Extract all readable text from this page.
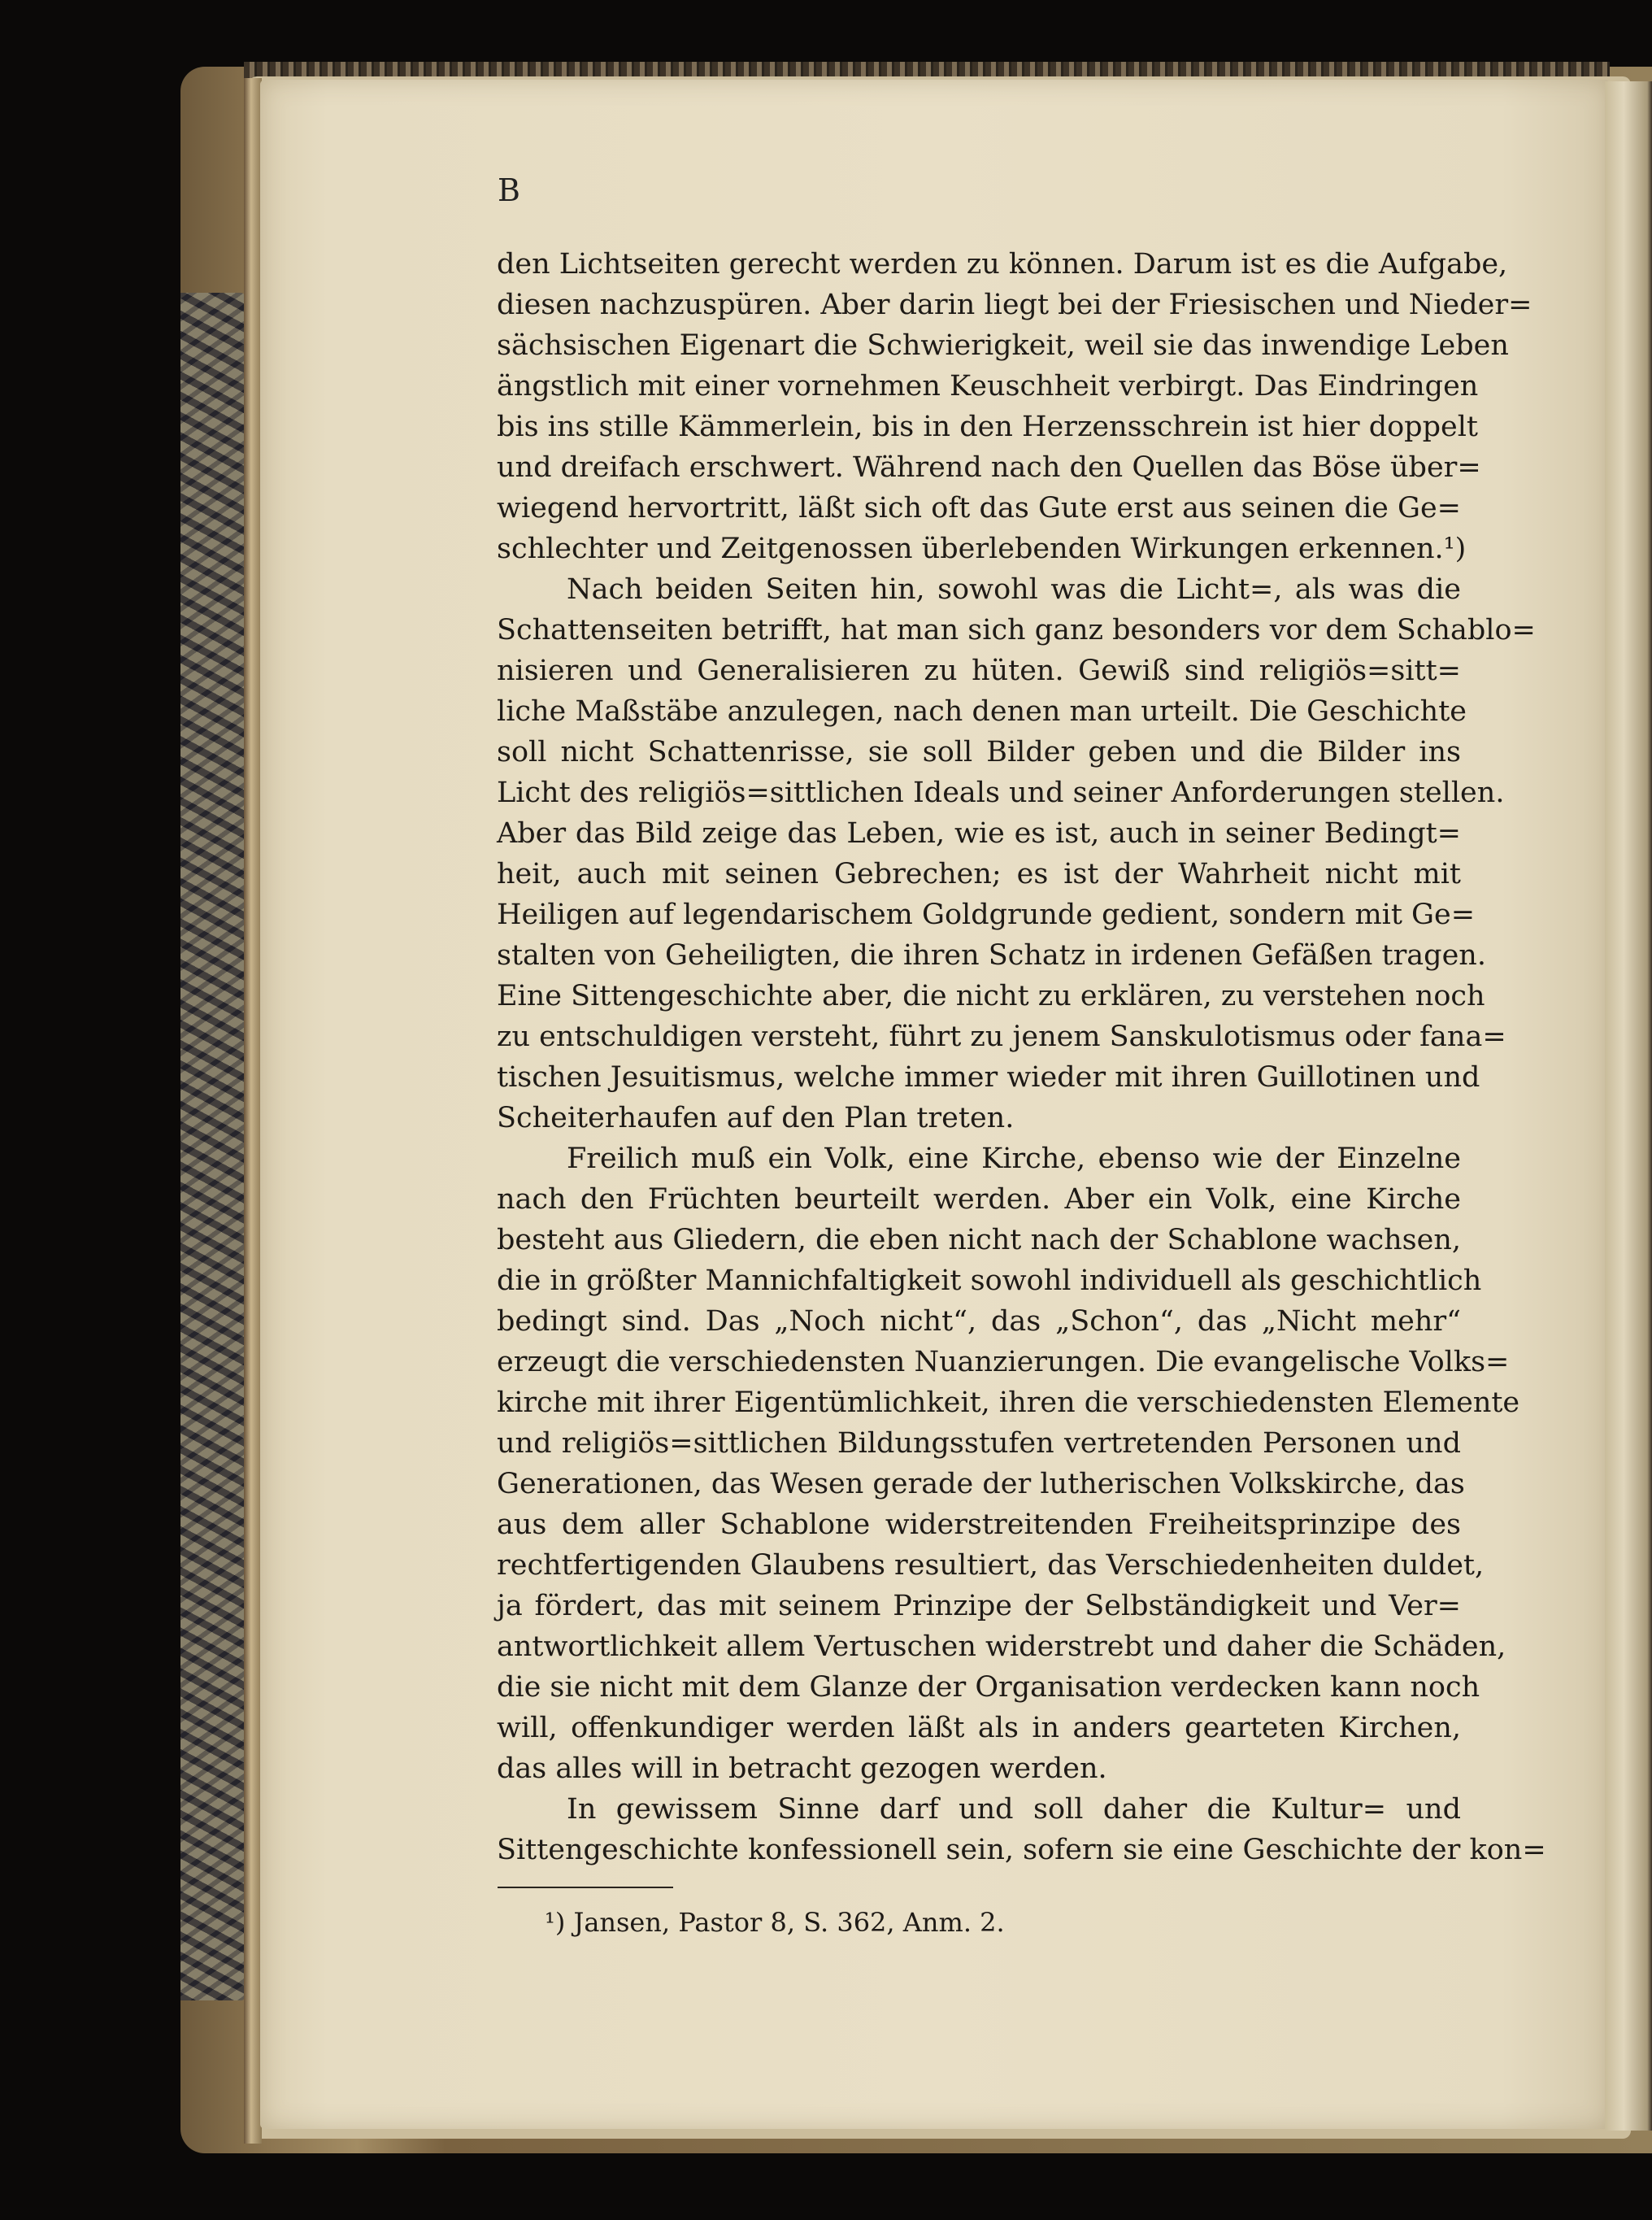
B
den Lichtseiten gerecht werden zu können. Darum ist es die Aufgabe,
diesen nachzuspüren. Aber darin liegt bei der Friesischen und Nieder=
sächsischen Eigenart die Schwierigkeit, weil sie das inwendige Leben
ängstlich mit einer vornehmen Keuschheit verbirgt. Das Eindringen
bis ins stille Kämmerlein, bis in den Herzensschrein ist hier doppelt
und dreifach erschwert. Während nach den Quellen das Böse über=
wiegend hervortritt, läßt sich oft das Gute erst aus seinen die Ge=
schlechter und Zeitgenossen überlebenden Wirkungen erkennen.¹)
Nach beiden Seiten hin, sowohl was die Licht=, als was die
Schattenseiten betrifft, hat man sich ganz besonders vor dem Schablo=
nisieren und Generalisieren zu hüten. Gewiß sind religiös=sitt=
liche Maßstäbe anzulegen, nach denen man urteilt. Die Geschichte
soll nicht Schattenrisse, sie soll Bilder geben und die Bilder ins
Licht des religiös=sittlichen Ideals und seiner Anforderungen stellen.
Aber das Bild zeige das Leben, wie es ist, auch in seiner Bedingt=
heit, auch mit seinen Gebrechen; es ist der Wahrheit nicht mit
Heiligen auf legendarischem Goldgrunde gedient, sondern mit Ge=
stalten von Geheiligten, die ihren Schatz in irdenen Gefäßen tragen.
Eine Sittengeschichte aber, die nicht zu erklären, zu verstehen noch
zu entschuldigen versteht, führt zu jenem Sanskulotismus oder fana=
tischen Jesuitismus, welche immer wieder mit ihren Guillotinen und
Scheiterhaufen auf den Plan treten.
Freilich muß ein Volk, eine Kirche, ebenso wie der Einzelne
nach den Früchten beurteilt werden. Aber ein Volk, eine Kirche
besteht aus Gliedern, die eben nicht nach der Schablone wachsen,
die in größter Mannichfaltigkeit sowohl individuell als geschichtlich
bedingt sind. Das „Noch nicht“, das „Schon“, das „Nicht mehr“
erzeugt die verschiedensten Nuanzierungen. Die evangelische Volks=
kirche mit ihrer Eigentümlichkeit, ihren die verschiedensten Elemente
und religiös=sittlichen Bildungsstufen vertretenden Personen und
Generationen, das Wesen gerade der lutherischen Volkskirche, das
aus dem aller Schablone widerstreitenden Freiheitsprinzipe des
rechtfertigenden Glaubens resultiert, das Verschiedenheiten duldet,
ja fördert, das mit seinem Prinzipe der Selbständigkeit und Ver=
antwortlichkeit allem Vertuschen widerstrebt und daher die Schäden,
die sie nicht mit dem Glanze der Organisation verdecken kann noch
will, offenkundiger werden läßt als in anders gearteten Kirchen,
das alles will in betracht gezogen werden.
In gewissem Sinne darf und soll daher die Kultur= und
Sittengeschichte konfessionell sein, sofern sie eine Geschichte der kon=
¹) Jansen, Pastor 8, S. 362, Anm. 2.
